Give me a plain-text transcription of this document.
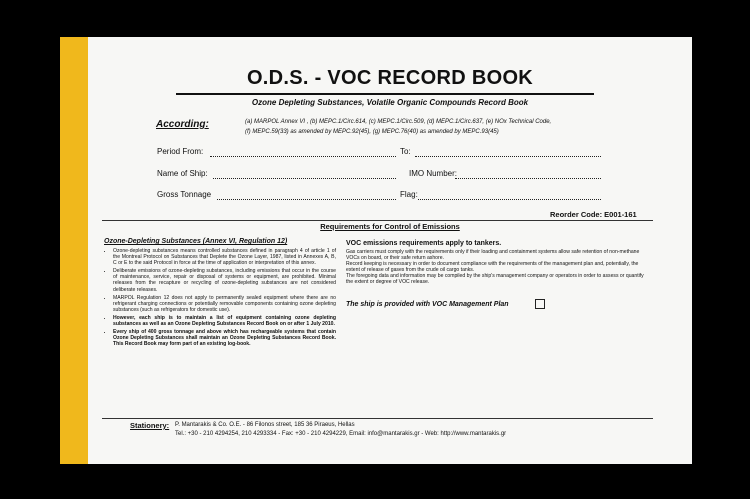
O.D.S. - VOC RECORD BOOK
Ozone Depleting Substances, Volatile Organic Compounds Record Book
According:	(a) MARPOL Annex VI , (b) MEPC.1/Circ.614, (c) MEPC.1/Circ.509, (d) MEPC.1/Circ.637, (e) NOx Technical Code,
(f) MEPC.59(33) as amended by MEPC.92(45), (g) MEPC.76(40) as amended by MEPC.93(45)
Period From:	To:
Name of Ship:	IMO Number:
Gross Tonnage	Flag:
Reorder Code: E001-161
Requirements for Control of Emissions
Ozone-Depleting Substances (Annex VI, Regulation 12)
• Ozone-depleting substances means controlled substances defined in paragraph 4 of article 1 of the Montreal Protocol on Substances that Deplete the Ozone Layer, 1987, listed in Annexes A, B, C or E to the said Protocol in force at the time of application or interpretation of this annex.
• Deliberate emissions of ozone-depleting substances, including emissions that occur in the course of maintenance, service, repair or disposal of systems or equipment, are prohibited. Minimal releases from the recapture or recycling of ozone-depleting substances are not considered deliberate releases.
• MARPOL Regulation 12 does not apply to permanently sealed equipment where there are no refrigerant charging connections or potentially removable components containing ozone depleting substances (such as refrigerators for domestic use).
• However, each ship is to maintain a list of equipment containing ozone depleting substances as well as an Ozone Depleting Substances Record Book on or after 1 July 2010.
• Every ship of 400 gross tonnage and above which has rechargeable systems that contain Ozone Depleting Substances shall maintain an Ozone Depleting Substances Record Book. This Record Book may form part of an existing log-book.
VOC emissions requirements apply to tankers.
Gas carriers must comply with the requirements only if their loading and containment systems allow safe retention of non-methane VOCs on board, or their safe return ashore.
Record keeping is necessary in order to document compliance with the requirements of the management plan and, potentially, the extent of release of gases from the crude oil cargo tanks.
The foregoing data and information may be compiled by the ship's management company or operators in order to assess or quantify the extent or degree of VOC release.
The ship is provided with VOC Management Plan
Stationery: P. Mantarakis & Co. O.E. - 86 Filonos street, 185 36 Piraeus, Hellas
Tel.: +30 - 210 4294254, 210 4293334 - Fax: +30 - 210 4294229, Email: info@mantarakis.gr - Web: http://www.mantarakis.gr
